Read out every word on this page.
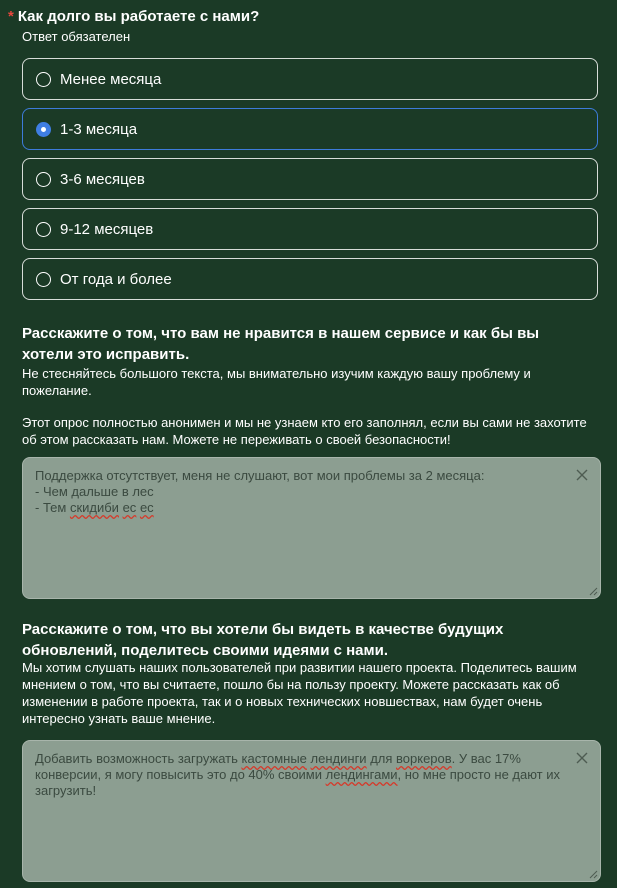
* Как долго вы работаете с нами?
Ответ обязателен
Менее месяца
1-3 месяца
3-6 месяцев
9-12 месяцев
От года и более
Расскажите о том, что вам не нравится в нашем сервисе и как бы вы хотели это исправить.
Не стесняйтесь большого текста, мы внимательно изучим каждую вашу проблему и пожелание.
Этот опрос полностью анонимен и мы не узнаем кто его заполнял, если вы сами не захотите об этом рассказать нам. Можете не переживать о своей безопасности!
Поддержка отсутствует, меня не слушают, вот мои проблемы за 2 месяца:
- Чем дальше в лес
- Тем скидиби ес ес
Расскажите о том, что вы хотели бы видеть в качестве будущих обновлений, поделитесь своими идеями с нами.
Мы хотим слушать наших пользователей при развитии нашего проекта. Поделитесь вашим мнением о том, что вы считаете, пошло бы на пользу проекту. Можете рассказать как об изменении в работе проекта, так и о новых технических новшествах, нам будет очень интересно узнать ваше мнение.
Добавить возможность загружать кастомные лендинги для воркеров. У вас 17% конверсии, я могу повысить это до 40% своими лендингами, но мне просто не дают их загрузить!
